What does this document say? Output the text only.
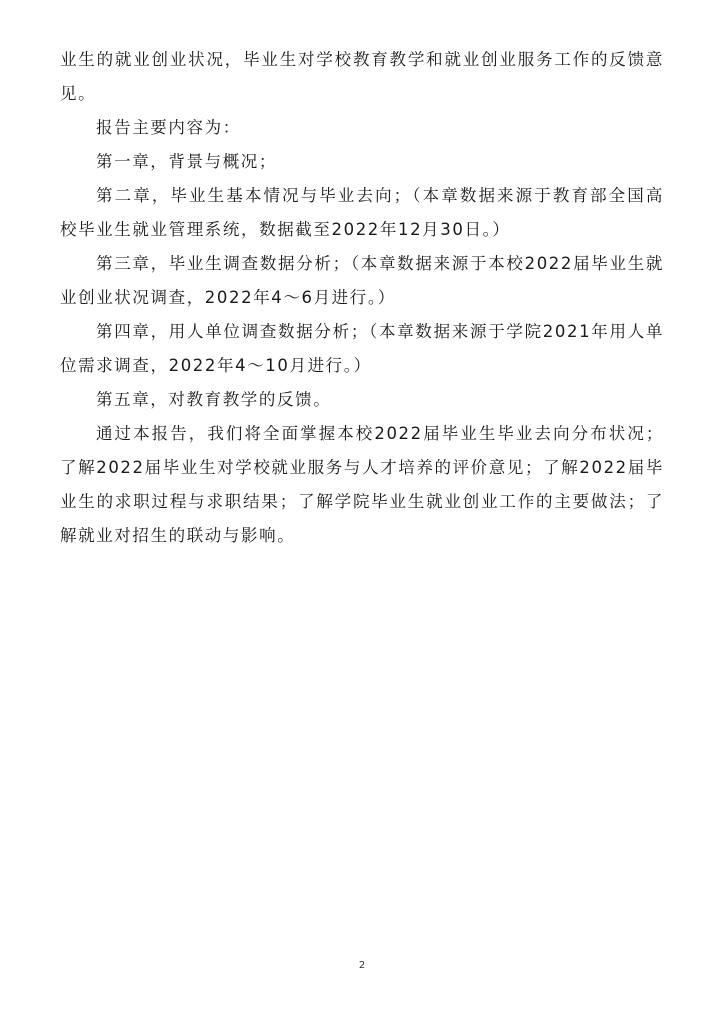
业生的就业创业状况，毕业生对学校教育教学和就业创业服务工作的反馈意见。

报告主要内容为：

第一章，背景与概况；

第二章，毕业生基本情况与毕业去向；（本章数据来源于教育部全国高校毕业生就业管理系统，数据截至2022年12月30日。）

第三章，毕业生调查数据分析；（本章数据来源于本校2022届毕业生就业创业状况调查，2022年4～6月进行。）

第四章，用人单位调查数据分析；（本章数据来源于学院2021年用人单位需求调查，2022年4～10月进行。）

第五章，对教育教学的反馈。

通过本报告，我们将全面掌握本校2022届毕业生毕业去向分布状况；了解2022届毕业生对学校就业服务与人才培养的评价意见；了解2022届毕业生的求职过程与求职结果；了解学院毕业生就业创业工作的主要做法；了解就业对招生的联动与影响。

2
